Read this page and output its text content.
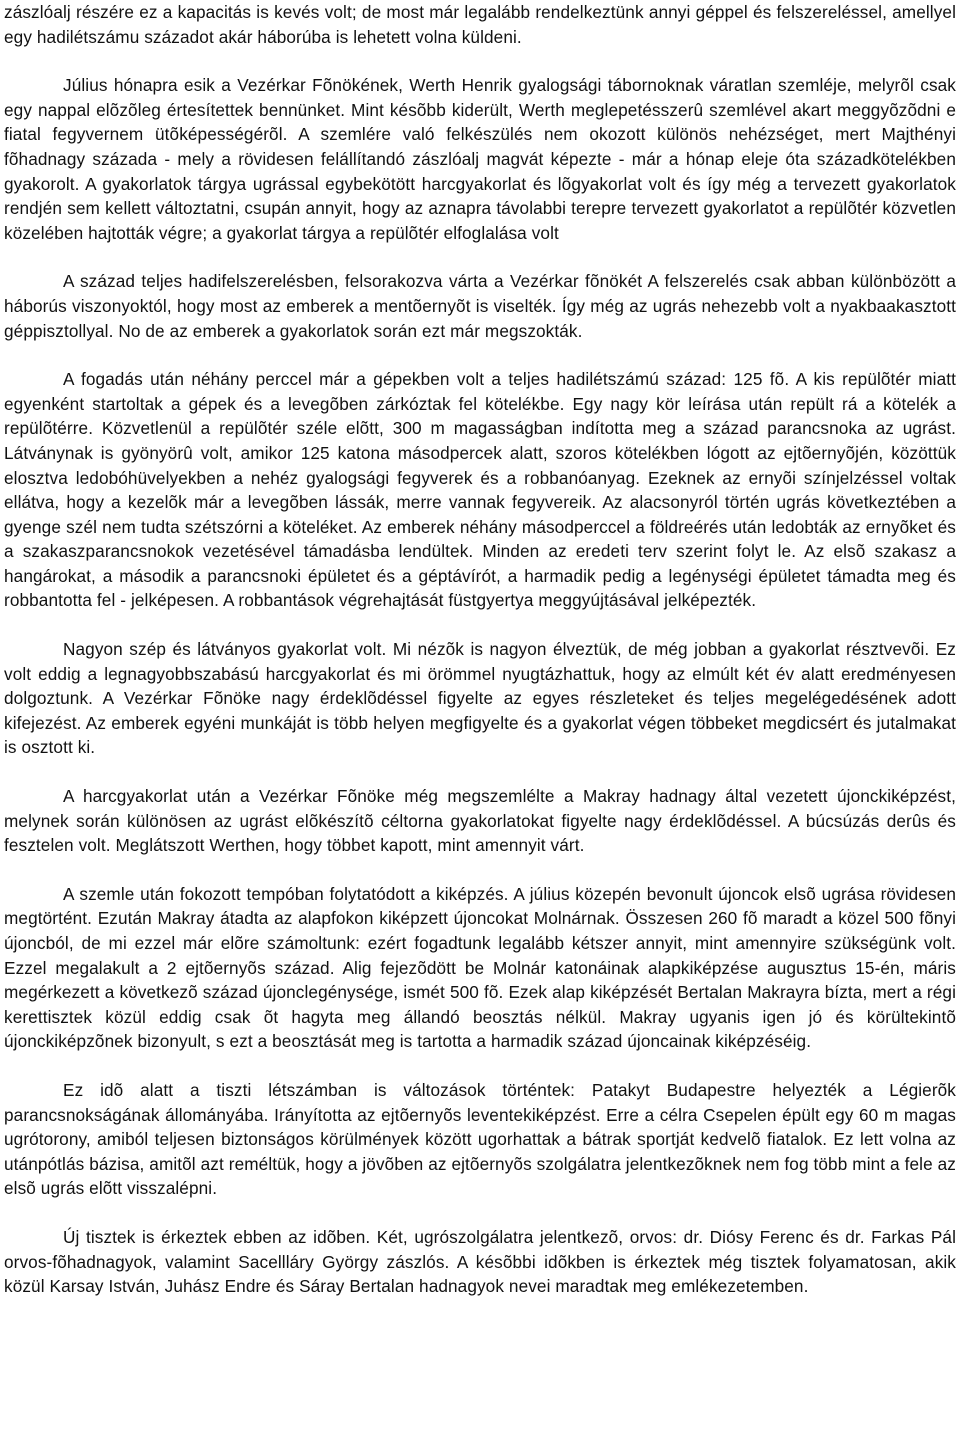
zászlóalj részére ez a kapacitás is kevés volt; de most már legalább rendelkeztünk annyi géppel és felszereléssel, amellyel egy hadilétszámu századot akár háborúba is lehetett volna küldeni.

Július hónapra esik a Vezérkar Fõnökének, Werth Henrik gyalogsági tábornoknak váratlan szemléje, melyrõl csak egy nappal elõzõleg értesítettek bennünket. Mint késõbb kiderült, Werth meglepetésszerû szemlével akart meggyõzõdni e fiatal fegyvernem ütõképességérõl. A szemlére való felkészülés nem okozott különös nehézséget, mert Majthényi fõhadnagy százada - mely a rövidesen felállítandó zászlóalj magvát képezte - már a hónap eleje óta századkötelékben gyakorolt. A gyakorlatok tárgya ugrással egybekötött harcgyakorlat és lõgyakorlat volt és így még a tervezett gyakorlatok rendjén sem kellett változtatni, csupán annyit, hogy az aznapra távolabbi terepre tervezett gyakorlatot a repülõtér közvetlen közelében hajtották végre; a gyakorlat tárgya a repülõtér elfoglalása volt

A század teljes hadifelszerelésben, felsorakozva várta a Vezérkar fõnökét A felszerelés csak abban különbözött a háborús viszonyoktól, hogy most az emberek a mentõernyõt is viselték. Így még az ugrás nehezebb volt a nyakbaakasztott géppisztollyal. No de az emberek a gyakorlatok során ezt már megszokták.

A fogadás után néhány perccel már a gépekben volt a teljes hadilétszámú század: 125 fõ. A kis repülõtér miatt egyenként startoltak a gépek és a levegõben zárkóztak fel kötelékbe. Egy nagy kör leírása után repült rá a kötelék a repülõtérre. Közvetlenül a repülõtér széle elõtt, 300 m magasságban indította meg a század parancsnoka az ugrást. Látványnak is gyönyörû volt, amikor 125 katona másodpercek alatt, szoros kötelékben lógott az ejtõernyõjén, közöttük elosztva ledobóhüvelyekben a nehéz gyalogsági fegyverek és a robbanóanyag. Ezeknek az ernyõi színjelzéssel voltak ellátva, hogy a kezelõk már a levegõben lássák, merre vannak fegyvereik. Az alacsonyról történ ugrás következtében a gyenge szél nem tudta szétszórni a köteléket. Az emberek néhány másodperccel a földreérés után ledobták az ernyõket és a szakaszparancsnokok vezetésével támadásba lendültek. Minden az eredeti terv szerint folyt le. Az elsõ szakasz a hangárokat, a második a parancsnoki épületet és a géptávírót, a harmadik pedig a legénységi épületet támadta meg és robbantotta fel - jelképesen. A robbantások végrehajtását füstgyertya meggyújtásával jelképezték.

Nagyon szép és látványos gyakorlat volt. Mi nézõk is nagyon élveztük, de még jobban a gyakorlat résztvevõi. Ez volt eddig a legnagyobbszabású harcgyakorlat és mi örömmel nyugtázhattuk, hogy az elmúlt két év alatt eredményesen dolgoztunk. A Vezérkar Fõnöke nagy érdeklõdéssel figyelte az egyes részleteket és teljes megelégedésének adott kifejezést. Az emberek egyéni munkáját is több helyen megfigyelte és a gyakorlat végen többeket megdicsért és jutalmakat is osztott ki.

A harcgyakorlat után a Vezérkar Fõnöke még megszemlélte a Makray hadnagy által vezetett újonckiképzést, melynek során különösen az ugrást elõkészítõ céltorna gyakorlatokat figyelte nagy érdeklõdéssel. A búcsúzás derûs és fesztelen volt. Meglátszott Werthen, hogy többet kapott, mint amennyit várt.

A szemle után fokozott tempóban folytatódott a kiképzés. A július közepén bevonult újoncok elsõ ugrása rövidesen megtörtént. Ezután Makray átadta az alapfokon kiképzett újoncokat Molnárnak. Összesen 260 fõ maradt a közel 500 fõnyi újoncból, de mi ezzel már elõre számoltunk: ezért fogadtunk legalább kétszer annyit, mint amennyire szükségünk volt. Ezzel megalakult a 2 ejtõernyõs század. Alig fejezõdött be Molnár katonáinak alapkiképzése augusztus 15-én, máris megérkezett a következõ század újonclegénysége, ismét 500 fõ. Ezek alap kiképzését Bertalan Makrayra bízta, mert a régi kerettisztek közül eddig csak õt hagyta meg állandó beosztás nélkül. Makray ugyanis igen jó és körültekintõ újonckiképzõnek bizonyult, s ezt a beosztását meg is tartotta a harmadik század újoncainak kiképzéséig.

Ez idõ alatt a tiszti létszámban is változások történtek: Patakyt Budapestre helyezték a Légierõk parancsnokságának állományába. Irányította az ejtõernyõs leventekiképzést. Erre a célra Csepelen épült egy 60 m magas ugrótorony, amiból teljesen biztonságos körülmények között ugorhattak a bátrak sportját kedvelõ fiatalok. Ez lett volna az utánpótlás bázisa, amitõl azt reméltük, hogy a jövõben az ejtõernyõs szolgálatra jelentkezõknek nem fog több mint a fele az elsõ ugrás elõtt visszalépni.

Új tisztek is érkeztek ebben az idõben. Két, ugrószolgálatra jelentkezõ, orvos: dr. Diósy Ferenc és dr. Farkas Pál orvos-fõhadnagyok, valamint Sacellláry György zászlós. A késõbbi idõkben is érkeztek még tisztek folyamatosan, akik közül Karsay István, Juhász Endre és Sáray Bertalan hadnagyok nevei maradtak meg emlékezetemben.
